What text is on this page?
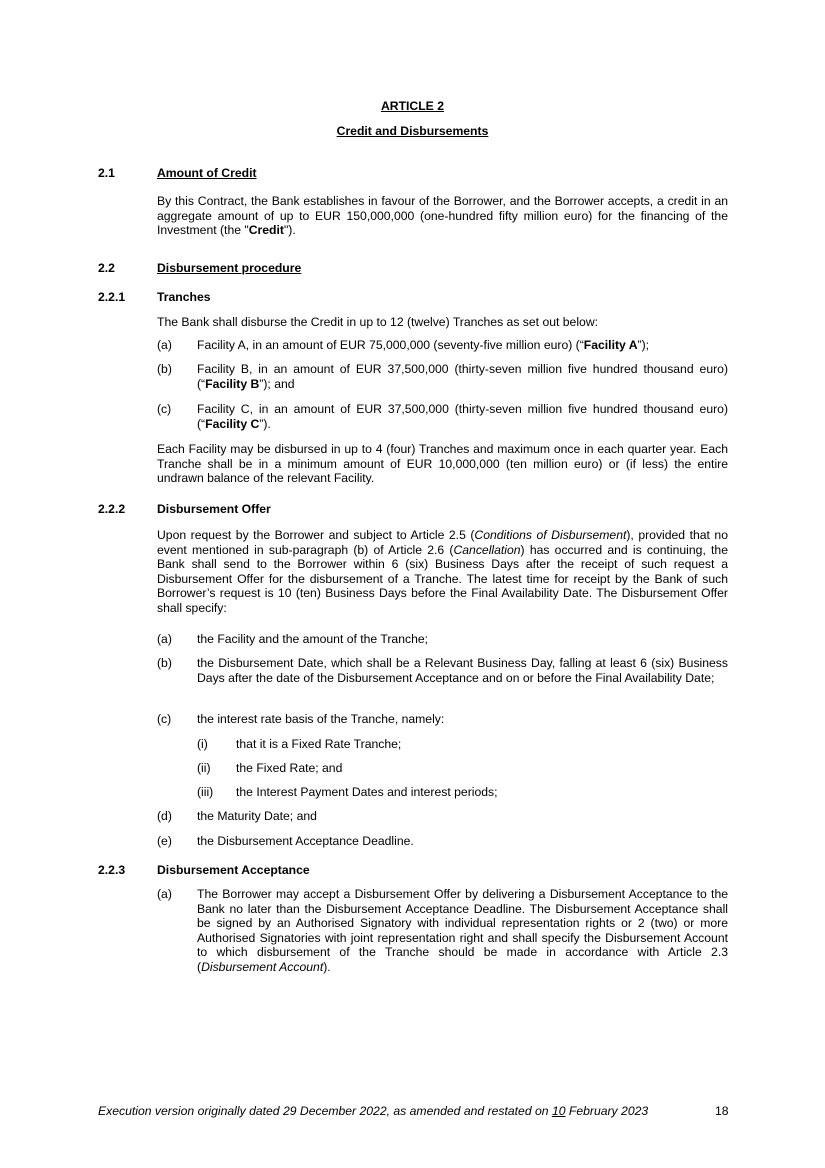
ARTICLE 2
Credit and Disbursements
2.1	Amount of Credit
By this Contract, the Bank establishes in favour of the Borrower, and the Borrower accepts, a credit in an aggregate amount of up to EUR 150,000,000 (one-hundred fifty million euro) for the financing of the Investment (the "Credit").
2.2	Disbursement procedure
2.2.1	Tranches
The Bank shall disburse the Credit in up to 12 (twelve) Tranches as set out below:
(a) Facility A, in an amount of EUR 75,000,000 (seventy-five million euro) (“Facility A”);
(b) Facility B, in an amount of EUR 37,500,000 (thirty-seven million five hundred thousand euro) (“Facility B”); and
(c) Facility C, in an amount of EUR 37,500,000 (thirty-seven million five hundred thousand euro) (“Facility C”).
Each Facility may be disbursed in up to 4 (four) Tranches and maximum once in each quarter year. Each Tranche shall be in a minimum amount of EUR 10,000,000 (ten million euro) or (if less) the entire undrawn balance of the relevant Facility.
2.2.2	Disbursement Offer
Upon request by the Borrower and subject to Article 2.5 (Conditions of Disbursement), provided that no event mentioned in sub-paragraph (b) of Article 2.6 (Cancellation) has occurred and is continuing, the Bank shall send to the Borrower within 6 (six) Business Days after the receipt of such request a Disbursement Offer for the disbursement of a Tranche. The latest time for receipt by the Bank of such Borrower’s request is 10 (ten) Business Days before the Final Availability Date. The Disbursement Offer shall specify:
(a) the Facility and the amount of the Tranche;
(b) the Disbursement Date, which shall be a Relevant Business Day, falling at least 6 (six) Business Days after the date of the Disbursement Acceptance and on or before the Final Availability Date;
(c) the interest rate basis of the Tranche, namely:
(i) that it is a Fixed Rate Tranche;
(ii) the Fixed Rate; and
(iii) the Interest Payment Dates and interest periods;
(d) the Maturity Date; and
(e) the Disbursement Acceptance Deadline.
2.2.3	Disbursement Acceptance
(a) The Borrower may accept a Disbursement Offer by delivering a Disbursement Acceptance to the Bank no later than the Disbursement Acceptance Deadline. The Disbursement Acceptance shall be signed by an Authorised Signatory with individual representation rights or 2 (two) or more Authorised Signatories with joint representation right and shall specify the Disbursement Account to which disbursement of the Tranche should be made in accordance with Article 2.3 (Disbursement Account).
Execution version originally dated 29 December 2022, as amended and restated on 10 February 2023	18
